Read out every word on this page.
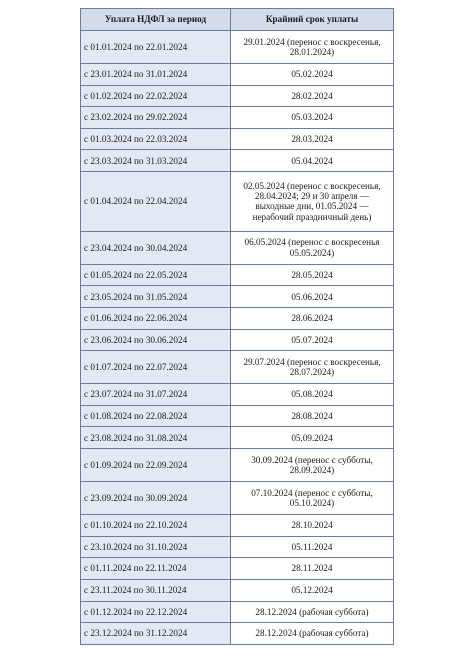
Уплата НДФЛ за период	Крайний срок уплаты
с 01.01.2024 по 22.01.2024	29.01.2024 (перенос с воскресенья, 28.01.2024)
с 23.01.2024 по 31.01.2024	05.02.2024
с 01.02.2024 по 22.02.2024	28.02.2024
с 23.02.2024 по 29.02.2024	05.03.2024
с 01.03.2024 по 22.03.2024	28.03.2024
с 23.03.2024 по 31.03.2024	05.04.2024
с 01.04.2024 по 22.04.2024	02.05.2024 (перенос с воскресенья, 28.04.2024; 29 и 30 апреля — выходные дни, 01.05.2024 — нерабочий праздничный день)
с 23.04.2024 по 30.04.2024	06.05.2024 (перенос с воскресенья 05.05.2024)
с 01.05.2024 по 22.05.2024	28.05.2024
с 23.05.2024 по 31.05.2024	05.06.2024
с 01.06.2024 по 22.06.2024	28.06.2024
с 23.06.2024 по 30.06.2024	05.07.2024
с 01.07.2024 по 22.07.2024	29.07.2024 (перенос с воскресенья, 28.07.2024)
с 23.07.2024 по 31.07.2024	05.08.2024
с 01.08.2024 по 22.08.2024	28.08.2024
с 23.08.2024 по 31.08.2024	05.09.2024
с 01.09.2024 по 22.09.2024	30.09.2024 (перенос с субботы, 28.09.2024)
с 23.09.2024 по 30.09.2024	07.10.2024 (перенос с субботы, 05.10.2024)
с 01.10.2024 по 22.10.2024	28.10.2024
с 23.10.2024 по 31.10.2024	05.11.2024
с 01.11.2024 по 22.11.2024	28.11.2024
с 23.11.2024 по 30.11.2024	05.12.2024
с 01.12.2024 по 22.12.2024	28.12.2024 (рабочая суббота)
с 23.12.2024 по 31.12.2024	28.12.2024 (рабочая суббота)
